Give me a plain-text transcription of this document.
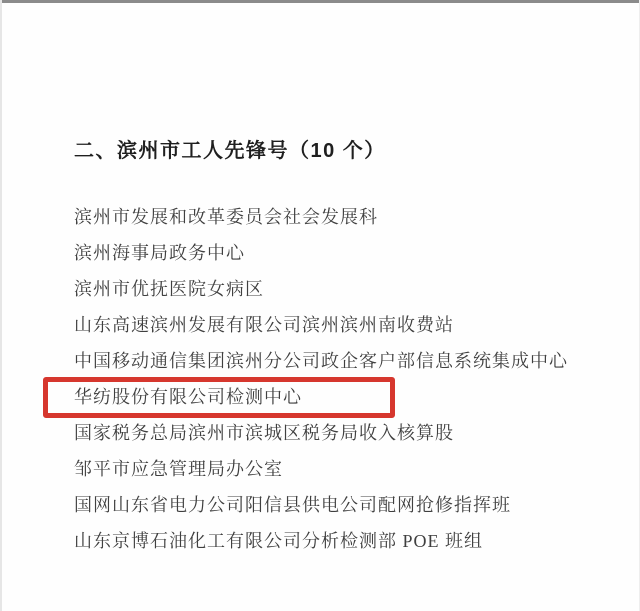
二、滨州市工人先锋号（10 个）
滨州市发展和改革委员会社会发展科
滨州海事局政务中心
滨州市优抚医院女病区
山东高速滨州发展有限公司滨州滨州南收费站
中国移动通信集团滨州分公司政企客户部信息系统集成中心
华纺股份有限公司检测中心
国家税务总局滨州市滨城区税务局收入核算股
邹平市应急管理局办公室
国网山东省电力公司阳信县供电公司配网抢修指挥班
山东京博石油化工有限公司分析检测部 POE 班组
